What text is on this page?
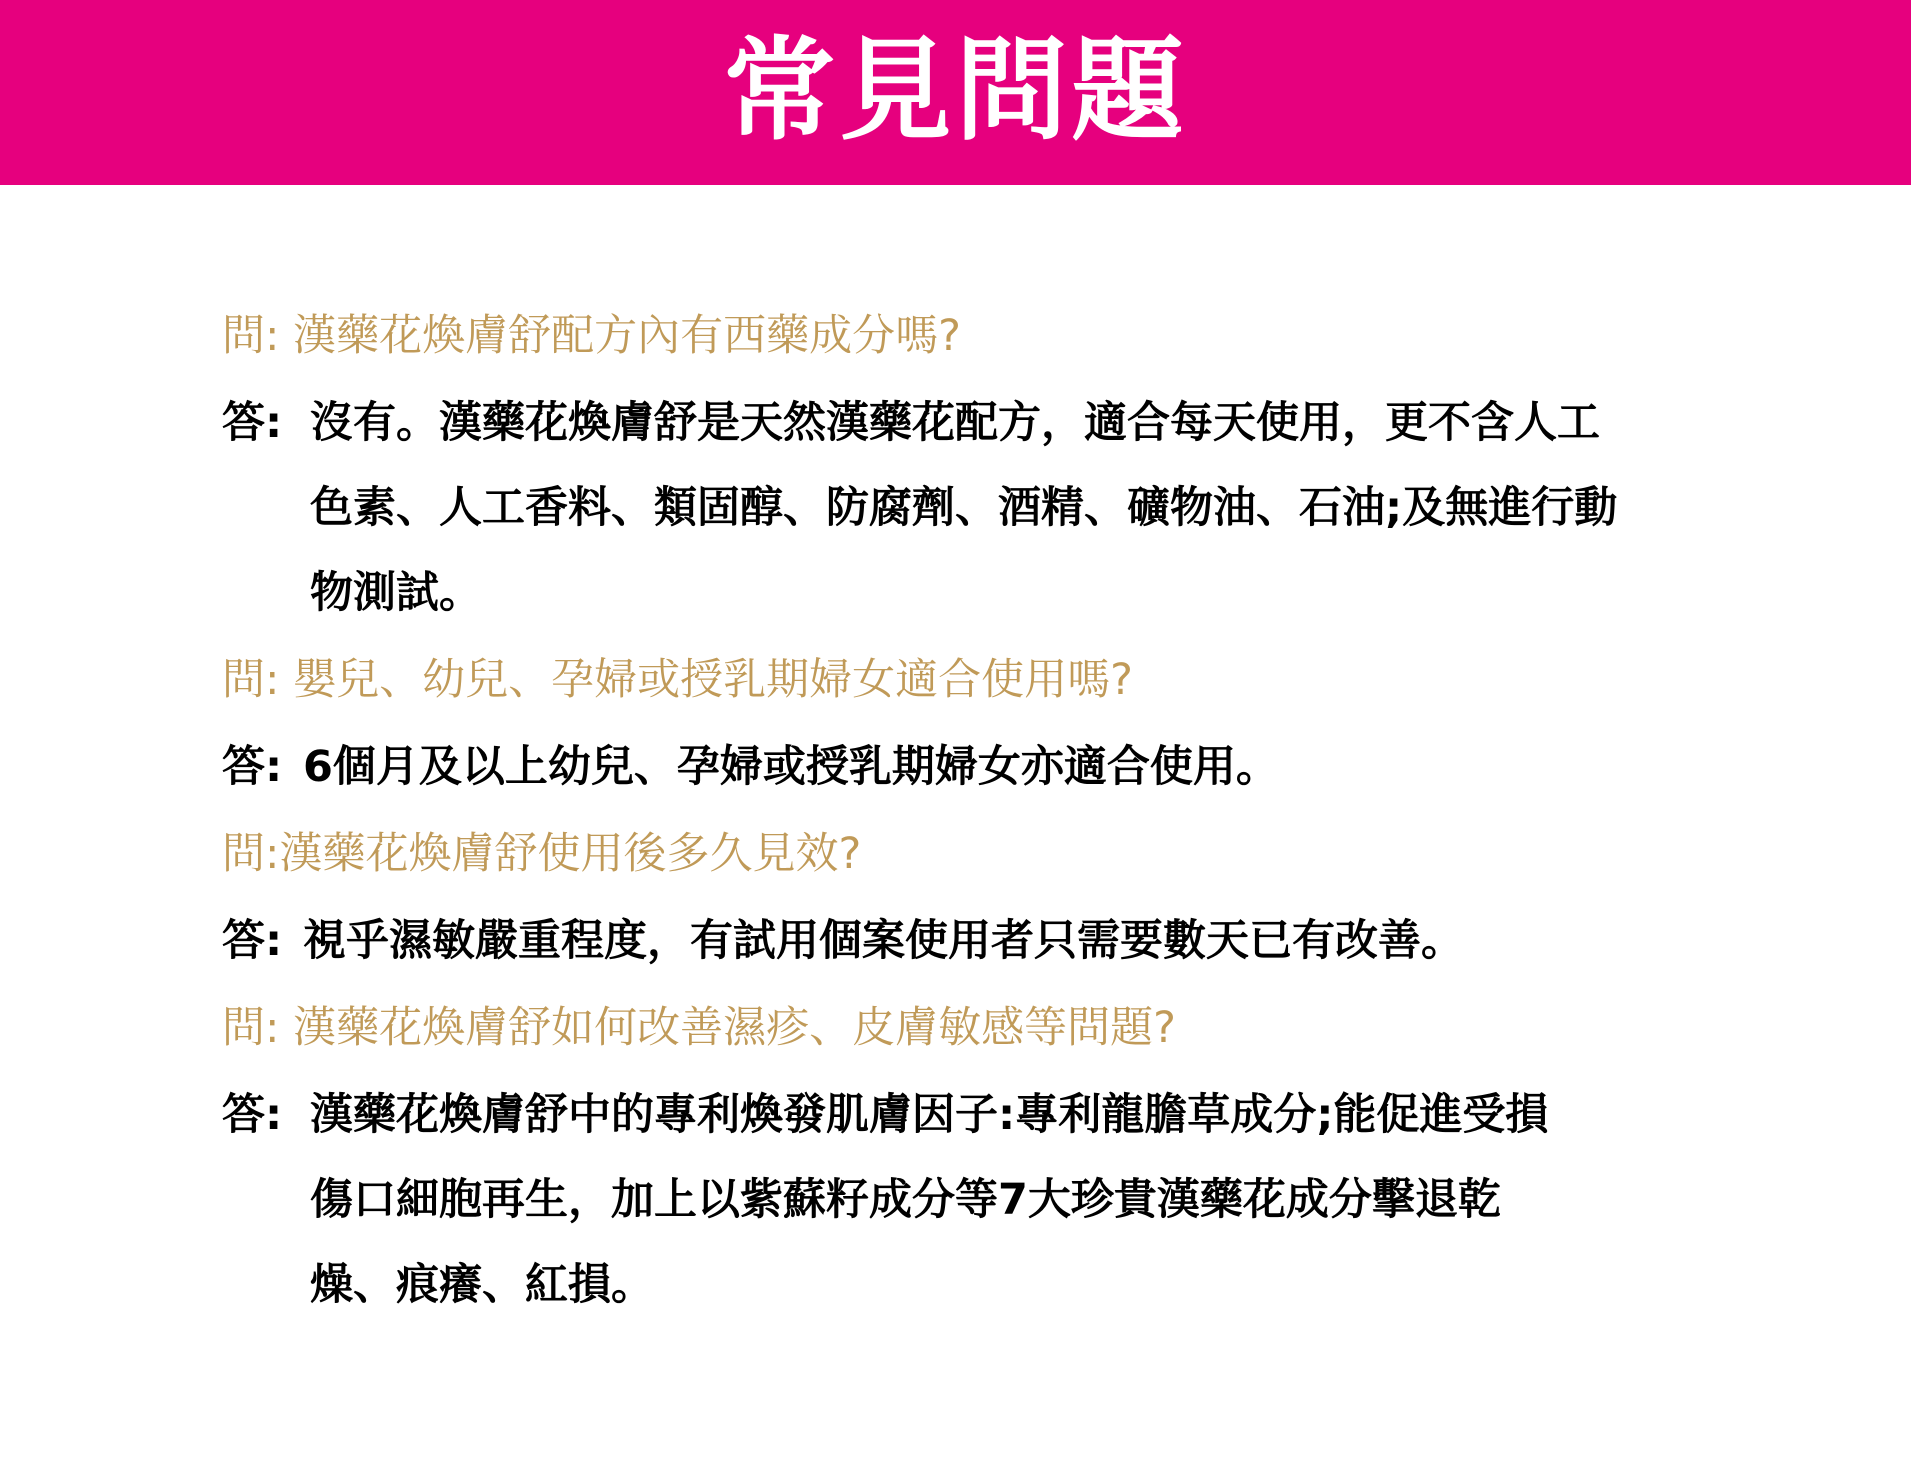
常見問題
問: 漢藥花煥膚舒配方內有西藥成分嗎?
答: 沒有。漢藥花煥膚舒是天然漢藥花配方，適合每天使用，更不含人工
色素、人工香料、類固醇、防腐劑、酒精、礦物油、石油;及無進行動
物測試。
問: 嬰兒、幼兒、孕婦或授乳期婦女適合使用嗎?
答: 6個月及以上幼兒、孕婦或授乳期婦女亦適合使用。
問:漢藥花煥膚舒使用後多久見效?
答: 視乎濕敏嚴重程度，有試用個案使用者只需要數天已有改善。
問: 漢藥花煥膚舒如何改善濕疹、皮膚敏感等問題?
答: 漢藥花煥膚舒中的專利煥發肌膚因子:專利龍膽草成分;能促進受損
傷口細胞再生，加上以紫蘇籽成分等7大珍貴漢藥花成分擊退乾
燥、痕癢、紅損。
